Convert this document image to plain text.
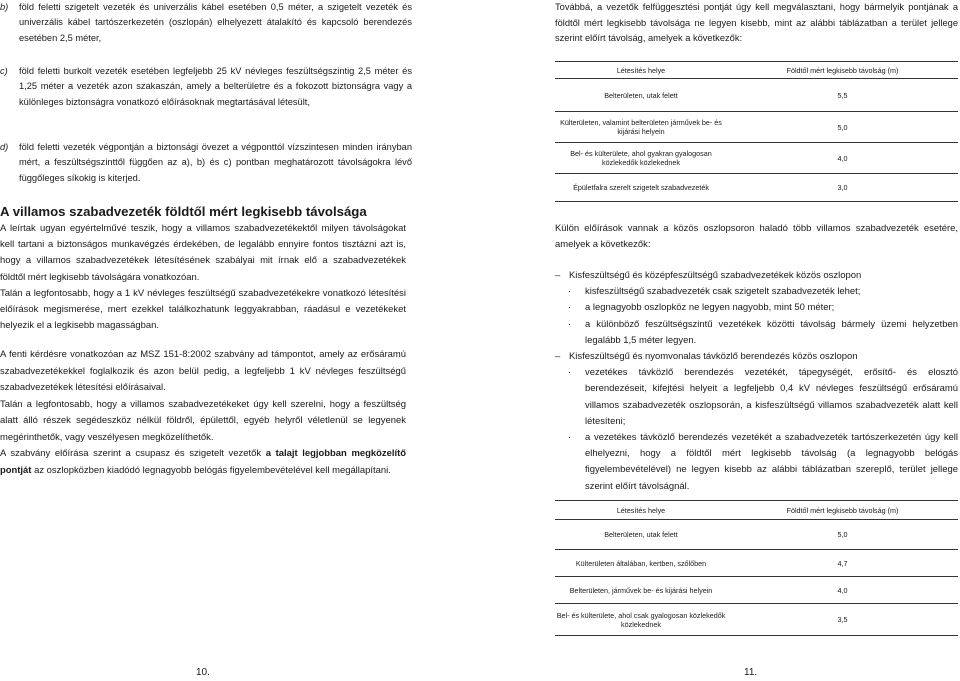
b) föld feletti szigetelt vezeték és univerzális kábel esetében 0,5 méter, a szigetelt vezeték és univerzális kábel tartószerkezetén (oszlopán) elhelyezett átalakító és kapcsoló berendezés esetében 2,5 méter,
c) föld feletti burkolt vezeték esetében legfeljebb 25 kV névleges feszültségszintig 2,5 méter és 1,25 méter a vezeték azon szakaszán, amely a belterületre és a fokozott biztonságra vagy a különleges biztonságra vonatkozó előírásoknak megtartásával létesült,
d) föld feletti vezeték végpontján a biztonsági övezet a végponttól vízszintesen minden irányban mért, a feszültségszinttől függően az a), b) és c) pontban meghatározott távolságokra lévő függőleges síkokig is kiterjed.
A villamos szabadvezeték földtől mért legkisebb távolsága

A leírtak ugyan egyértelművé teszik, hogy a villamos szabadvezetékektől milyen távolságokat kell tartani a biztonságos munkavégzés érdekében, de legalább ennyire fontos tisztázni azt is, hogy a villamos szabadvezetékek létesítésének szabályai mit írnak elő a szabadvezetékek földtől mért legkisebb távolságára vonatkozóan.

Talán a legfontosabb, hogy a 1 kV névleges feszültségű szabadvezetékekre vonatkozó létesítési előírások megismerése, mert ezekkel találkozhatunk leggyakrabban, ráadásul e vezetékeket helyezik el a legkisebb magasságban.

A fenti kérdésre vonatkozóan az MSZ 151-8:2002 szabvány ad támpontot, amely az erősáramú szabadvezetékekkel foglalkozik és azon belül pedig, a legfeljebb 1 kV névleges feszültségű szabadvezetékek létesítési előírásaival.

Talán a legfontosabb, hogy a villamos szabadvezetékeket úgy kell szerelni, hogy a feszültség alatt álló részek segédeszköz nélkül földről, épülettől, egyéb helyről véletlenül se legyenek megérinthetők, vagy veszélyesen megközelíthetők.

A szabvány előírása szerint a csupasz és szigetelt vezetők a talajt legjobban megközelítő pontját az oszlopközben kiadódó legnagyobb belógás figyelembevételével kell megállapítani.

10.

Továbbá, a vezetők felfüggesztési pontját úgy kell megválasztani, hogy bármelyik pontjának a földtől mért legkisebb távolsága ne legyen kisebb, mint az alábbi táblázatban a terület jellege szerint előírt távolság, amelyek a következők:

Létesítés helye	Földtől mért legkisebb távolság (m)
Belterületen, utak felett	5,5
Külterületen, valamint belterületen járművek be- és kijárási helyein	5,0
Bel- és külterülete, ahol gyakran gyalogosan közlekedők közlekednek	4,0
Épületfalra szerelt szigetelt szabadvezeték	3,0

Külön előírások vannak a közös oszlopsoron haladó több villamos szabadvezeték esetére, amelyek a következők:

– Kisfeszültségű és középfeszültségű szabadvezetékek közös oszlopon
· kisfeszültségű szabadvezeték csak szigetelt szabadvezeték lehet;
· a legnagyobb oszlopköz ne legyen nagyobb, mint 50 méter;
· a különböző feszültségszintű vezetékek közötti távolság bármely üzemi helyzetben legalább 1,5 méter legyen.
– Kisfeszültségű és nyomvonalas távközlő berendezés közös oszlopon
· vezetékes távközlő berendezés vezetékét, tápegységét, erősítő- és elosztó berendezéseit, kifejtési helyeit a legfeljebb 0,4 kV névleges feszültségű erősáramú villamos szabadvezeték oszlopsorán, a kisfeszültségű villamos szabadvezeték alatt kell létesíteni;
· a vezetékes távközlő berendezés vezetékét a szabadvezeték tartószerkezetén úgy kell elhelyezni, hogy a földtől mért legkisebb távolság (a legnagyobb belógás figyelembevételével) ne legyen kisebb az alábbi táblázatban szereplő, terület jellege szerint előírt távolságnál.
Létesítés helye	Földtől mért legkisebb távolság (m)
Belterületen, utak felett	5,0
Külterületen általában, kertben, szőlőben	4,7
Belterületen, járművek be- és kijárási helyein	4,0
Bel- és külterülete, ahol csak gyalogosan közlekedők közlekednek	3,5
11.
